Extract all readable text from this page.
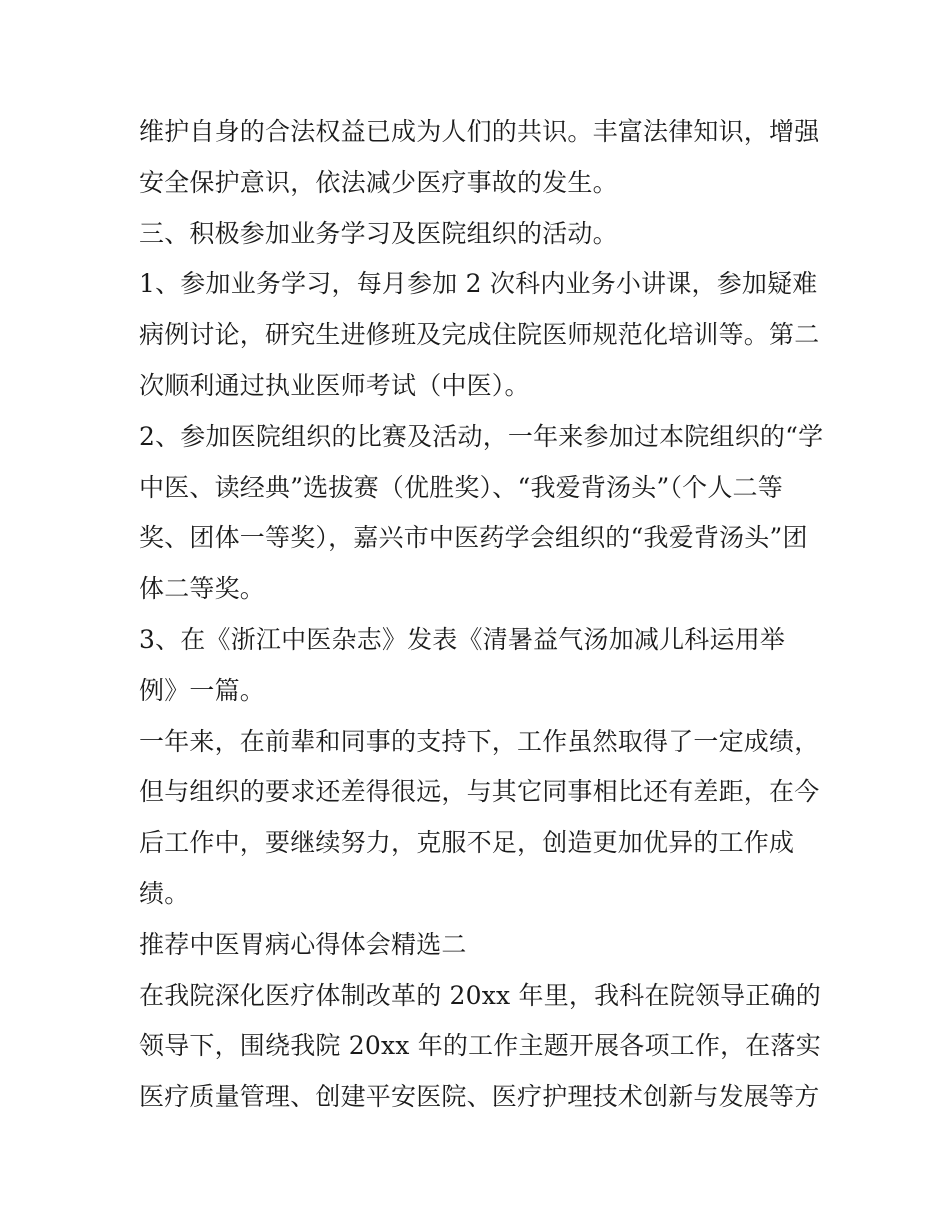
维护自身的合法权益已成为人们的共识。丰富法律知识，增强
安全保护意识，依法减少医疗事故的发生。
三、积极参加业务学习及医院组织的活动。
1、参加业务学习，每月参加 2 次科内业务小讲课，参加疑难
病例讨论，研究生进修班及完成住院医师规范化培训等。第二
次顺利通过执业医师考试（中医）。
2、参加医院组织的比赛及活动，一年来参加过本院组织的“学
中医、读经典”选拔赛（优胜奖）、“我爱背汤头”（个人二等
奖、团体一等奖），嘉兴市中医药学会组织的“我爱背汤头”团
体二等奖。
3、在《浙江中医杂志》发表《清暑益气汤加减儿科运用举
例》一篇。
一年来，在前辈和同事的支持下，工作虽然取得了一定成绩，
但与组织的要求还差得很远，与其它同事相比还有差距，在今
后工作中，要继续努力，克服不足，创造更加优异的工作成
绩。
推荐中医胃病心得体会精选二
在我院深化医疗体制改革的 20xx 年里，我科在院领导正确的
领导下，围绕我院 20xx 年的工作主题开展各项工作，在落实
医疗质量管理、创建平安医院、医疗护理技术创新与发展等方
